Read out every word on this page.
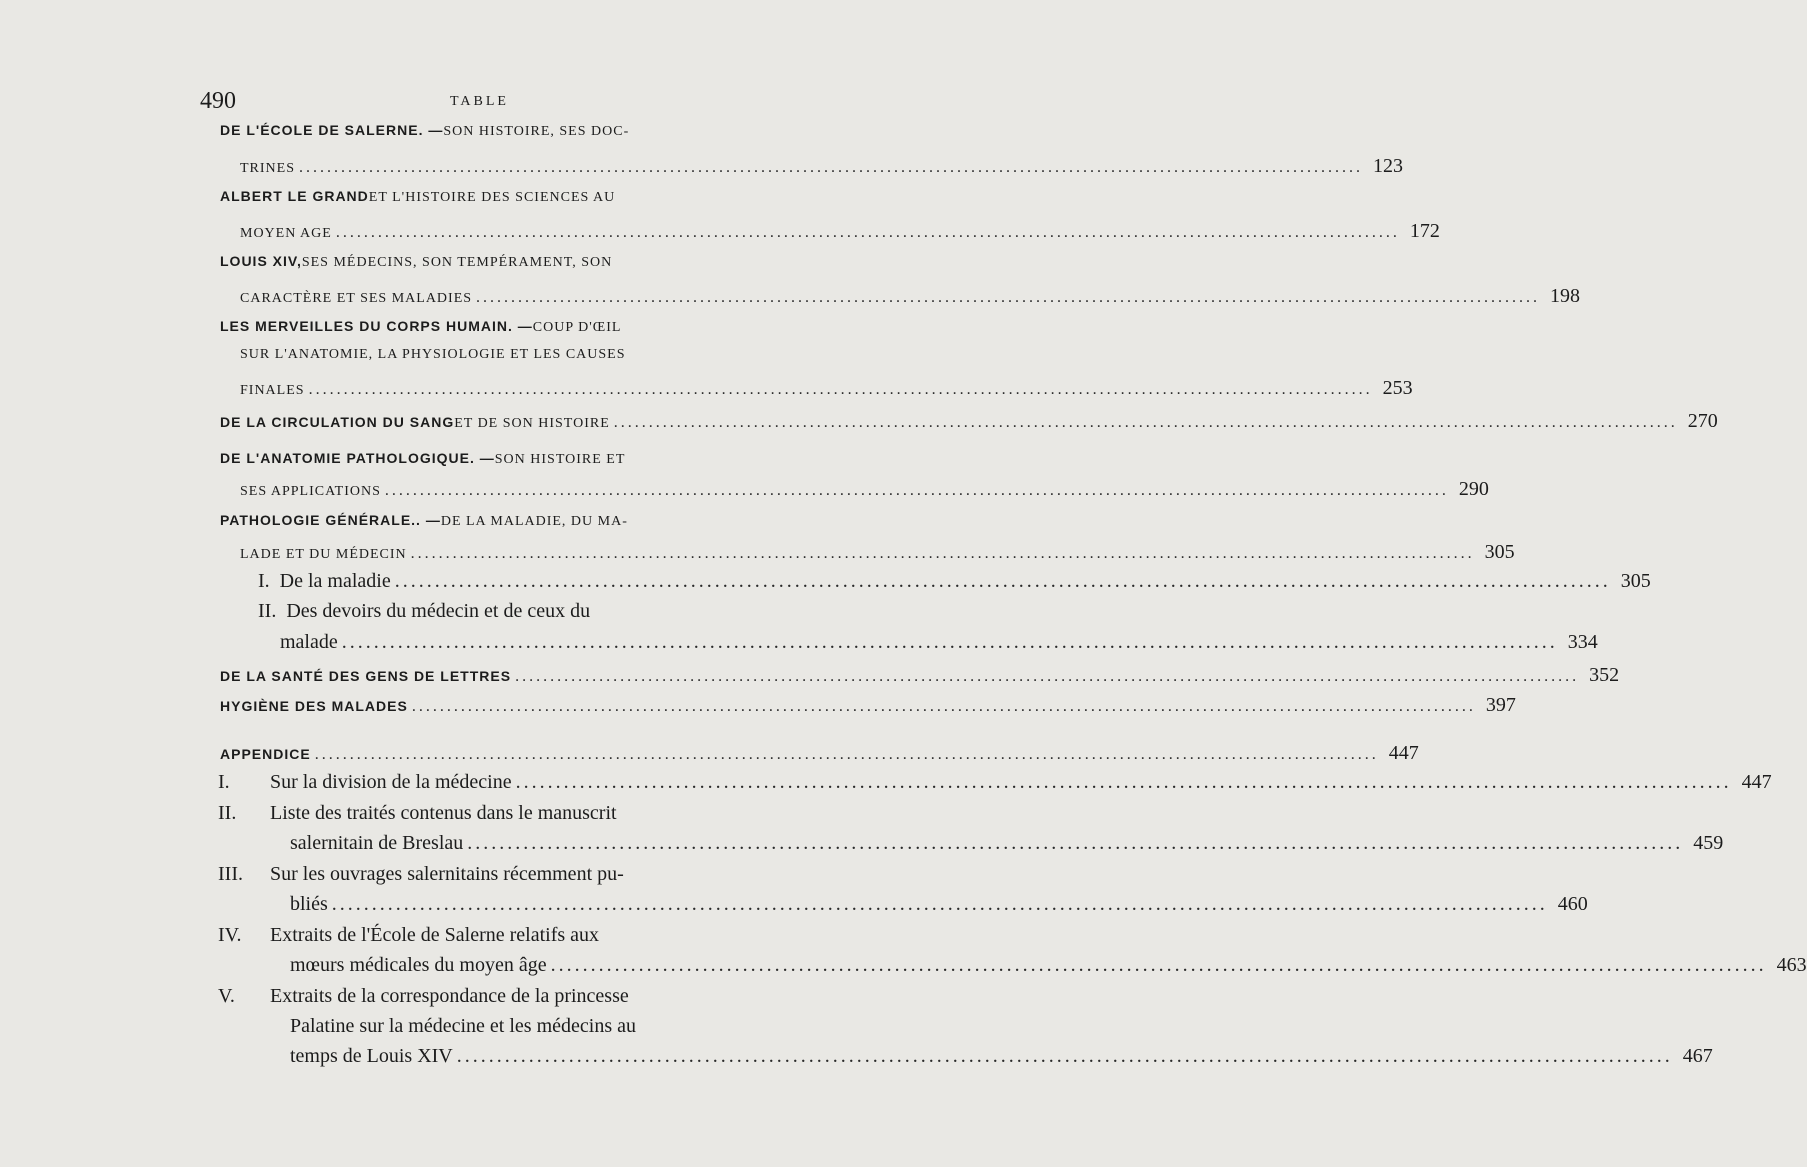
490	TABLE
DE L'ÉCOLE DE SALERNE. — SON HISTOIRE, SES DOC-
TRINES .....	123
ALBERT LE GRAND ET L'HISTOIRE DES SCIENCES AU
MOYEN AGE .....	172
LOUIS XIV, SES MÉDECINS, SON TEMPÉRAMENT, SON
CARACTÈRE ET SES MALADIES .....	198
LES MERVEILLES DU CORPS HUMAIN. — COUP D'ŒIL
SUR L'ANATOMIE, LA PHYSIOLOGIE ET LES CAUSES
FINALES .....	253
DE LA CIRCULATION DU SANG ET DE SON HISTOIRE .....	270
DE L'ANATOMIE PATHOLOGIQUE. — SON HISTOIRE ET
SES APPLICATIONS .....	290
PATHOLOGIE GÉNÉRALE.. — DE LA MALADIE, DU MA-
LADE ET DU MÉDECIN .....	305
I. De la maladie .....	305
II. Des devoirs du médecin et de ceux du
malade .....	334
DE LA SANTÉ DES GENS DE LETTRES .....	352
HYGIÈNE DES MALADES .....	397
APPENDICE .....	447
I. Sur la division de la médecine .....	447
II. Liste des traités contenus dans le manuscrit
salernitain de Breslau .....	459
III. Sur les ouvrages salernitains récemment pu-
bliés .....	460
IV. Extraits de l'École de Salerne relatifs aux
mœurs médicales du moyen âge .....	463
V. Extraits de la correspondance de la princesse
Palatine sur la médecine et les médecins au
temps de Louis XIV .....	467
